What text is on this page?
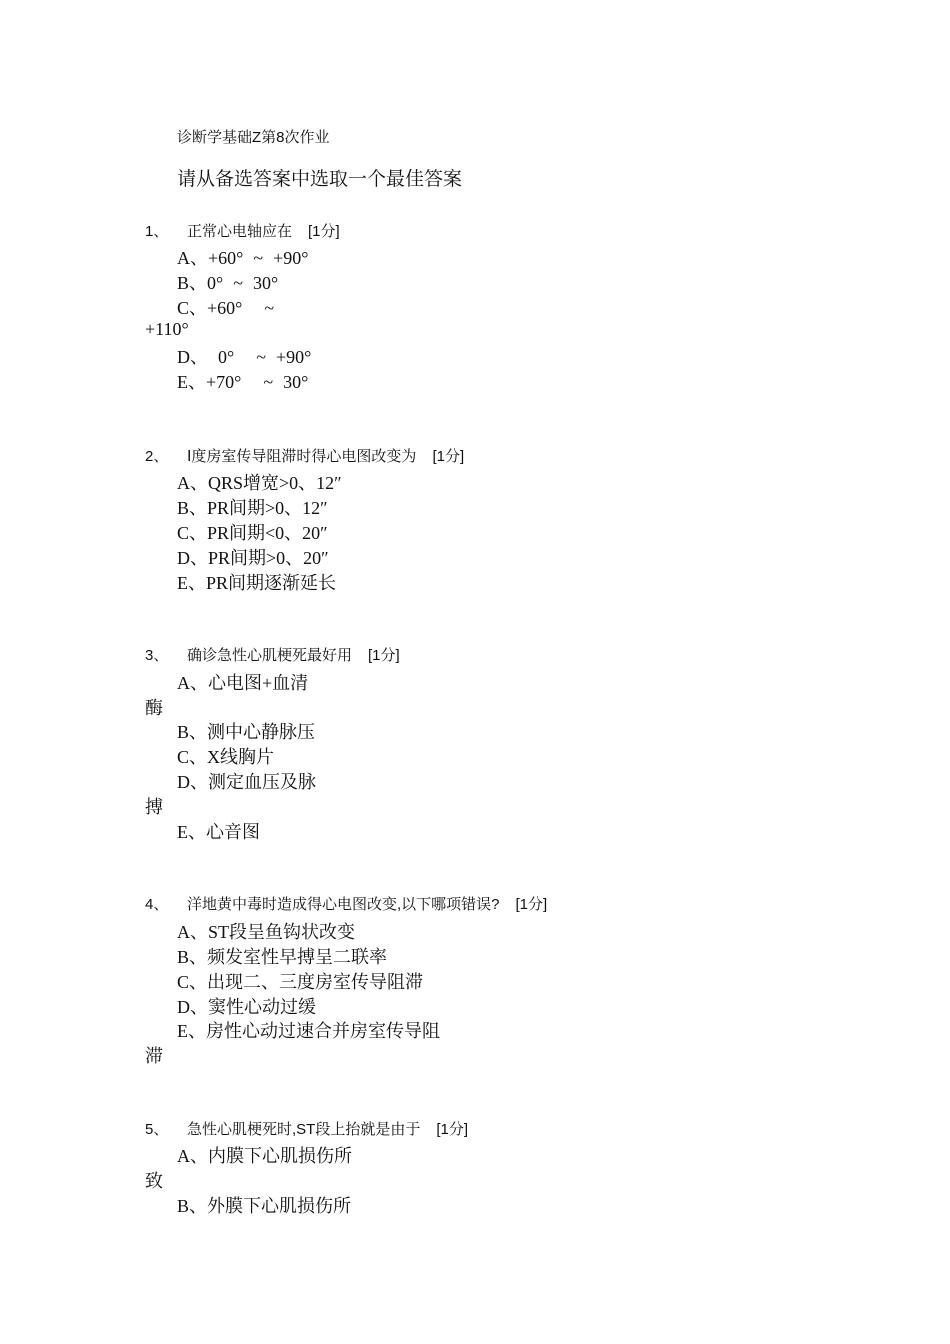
诊断学基础Z第8次作业
请从备选答案中选取一个最佳答案
1、 正常心电轴应在 [1分]
A、+60° ~ +90°
B、0° ~ 30°
C、+60° ~
+110°
D、 0° ~ +90°
E、+70° ~ 30°
2、 Ⅰ度房室传导阻滞时得心电图改变为 [1分]
A、QRS增宽>0、12″
B、PR间期>0、12″
C、PR间期<0、20″
D、PR间期>0、20″
E、PR间期逐渐延长
3、 确诊急性心肌梗死最好用 [1分]
A、心电图+血清
酶
B、测中心静脉压
C、X线胸片
D、测定血压及脉
搏
E、心音图
4、 洋地黄中毒时造成得心电图改变,以下哪项错误? [1分]
A、ST段呈鱼钩状改变
B、频发室性早搏呈二联率
C、出现二、三度房室传导阻滞
D、窦性心动过缓
E、房性心动过速合并房室传导阻
滞
5、 急性心肌梗死时,ST段上抬就是由于 [1分]
A、内膜下心肌损伤所
致
B、外膜下心肌损伤所
